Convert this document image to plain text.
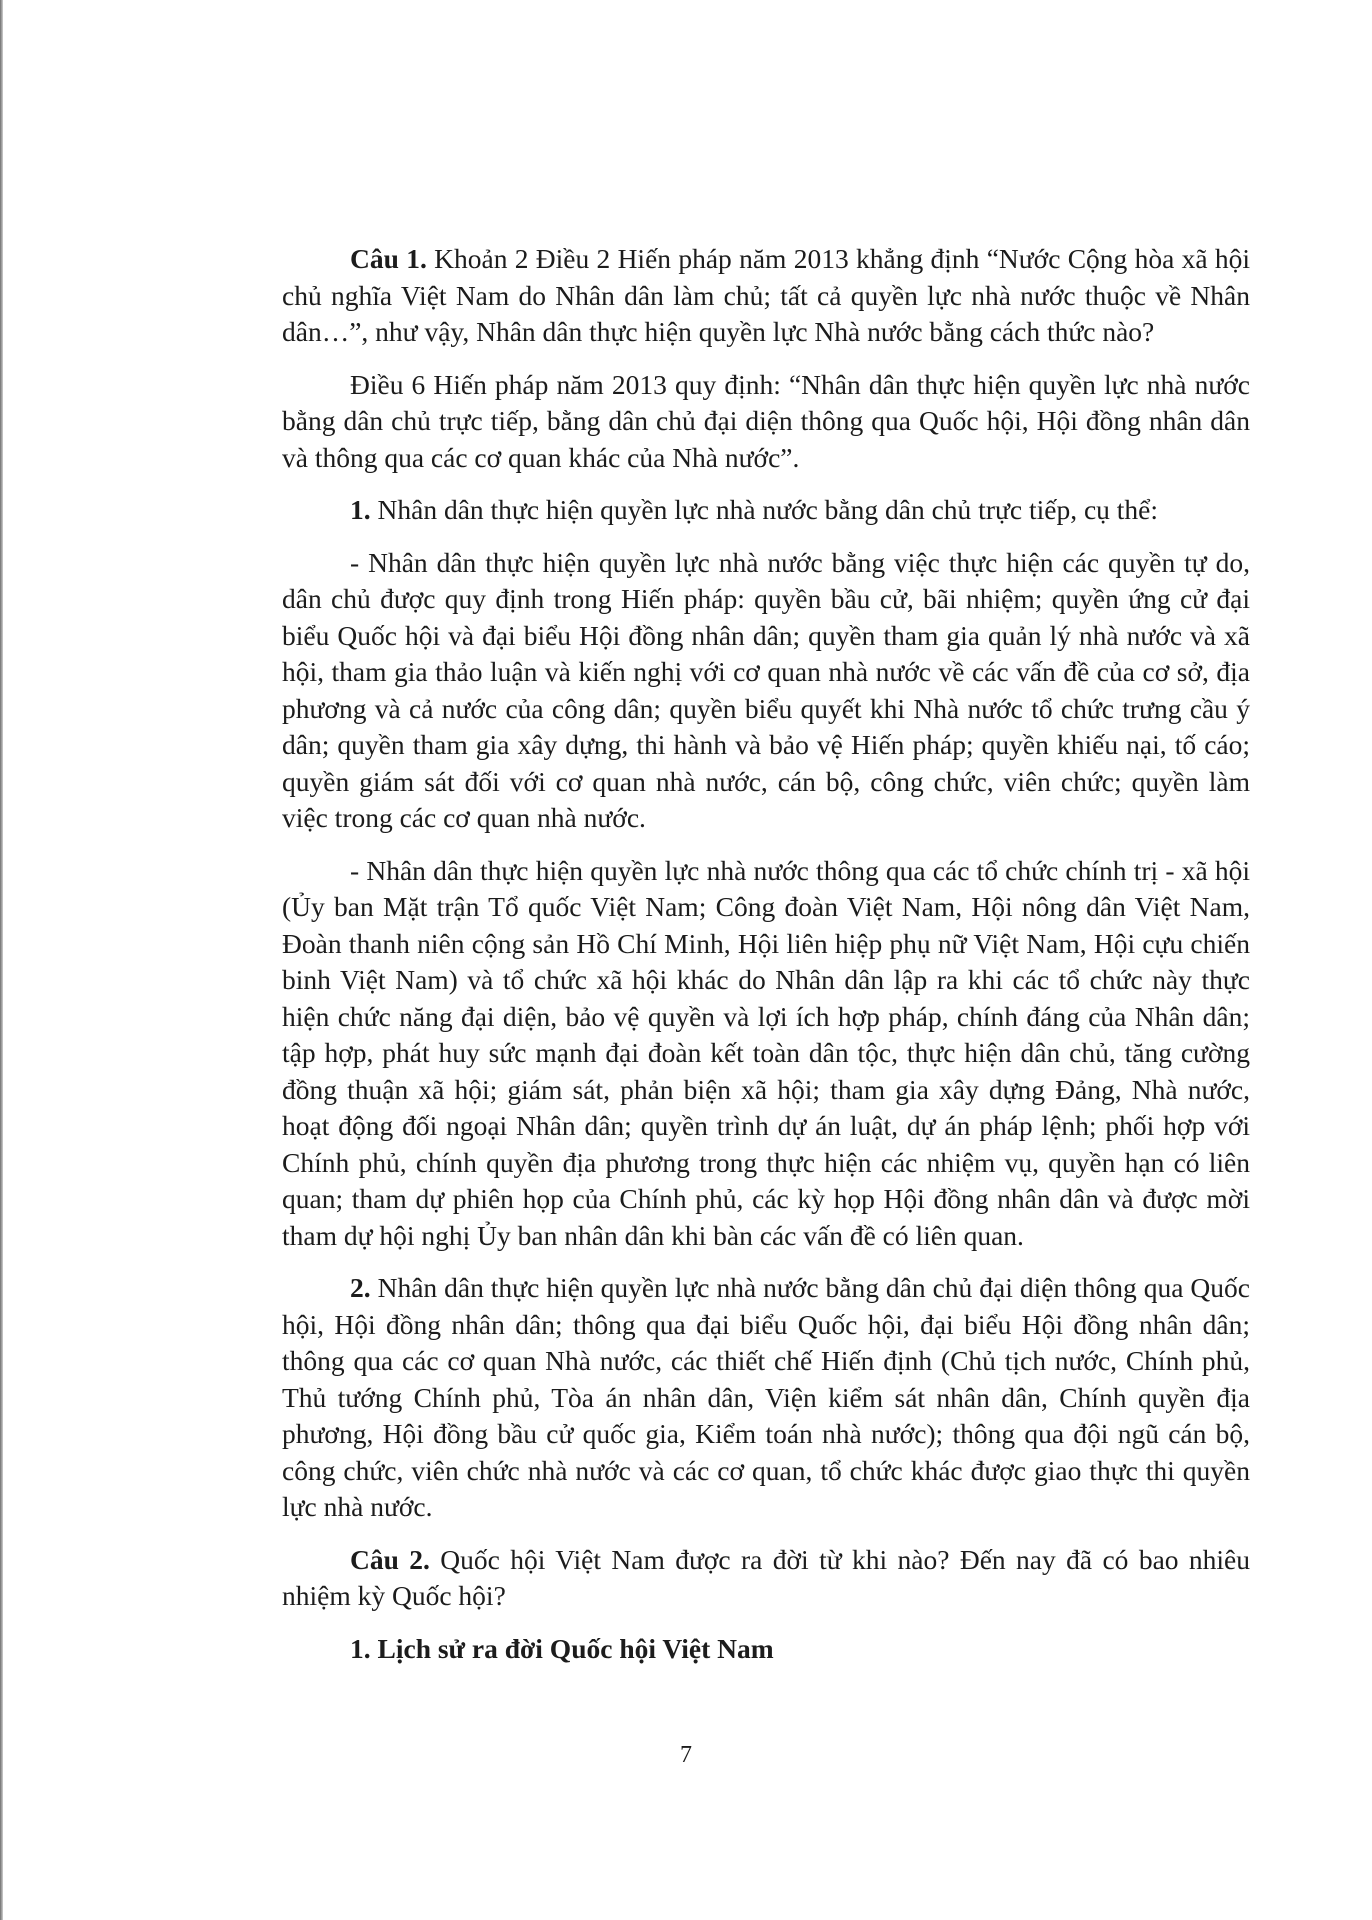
Câu 1. Khoản 2 Điều 2 Hiến pháp năm 2013 khẳng định “Nước Cộng hòa xã hội chủ nghĩa Việt Nam do Nhân dân làm chủ; tất cả quyền lực nhà nước thuộc về Nhân dân…”, như vậy, Nhân dân thực hiện quyền lực Nhà nước bằng cách thức nào?

Điều 6 Hiến pháp năm 2013 quy định: “Nhân dân thực hiện quyền lực nhà nước bằng dân chủ trực tiếp, bằng dân chủ đại diện thông qua Quốc hội, Hội đồng nhân dân và thông qua các cơ quan khác của Nhà nước”.

1. Nhân dân thực hiện quyền lực nhà nước bằng dân chủ trực tiếp, cụ thể:

- Nhân dân thực hiện quyền lực nhà nước bằng việc thực hiện các quyền tự do, dân chủ được quy định trong Hiến pháp: quyền bầu cử, bãi nhiệm; quyền ứng cử đại biểu Quốc hội và đại biểu Hội đồng nhân dân; quyền tham gia quản lý nhà nước và xã hội, tham gia thảo luận và kiến nghị với cơ quan nhà nước về các vấn đề của cơ sở, địa phương và cả nước của công dân; quyền biểu quyết khi Nhà nước tổ chức trưng cầu ý dân; quyền tham gia xây dựng, thi hành và bảo vệ Hiến pháp; quyền khiếu nại, tố cáo; quyền giám sát đối với cơ quan nhà nước, cán bộ, công chức, viên chức; quyền làm việc trong các cơ quan nhà nước.

- Nhân dân thực hiện quyền lực nhà nước thông qua các tổ chức chính trị - xã hội (Ủy ban Mặt trận Tổ quốc Việt Nam; Công đoàn Việt Nam, Hội nông dân Việt Nam, Đoàn thanh niên cộng sản Hồ Chí Minh, Hội liên hiệp phụ nữ Việt Nam, Hội cựu chiến binh Việt Nam) và tổ chức xã hội khác do Nhân dân lập ra khi các tổ chức này thực hiện chức năng đại diện, bảo vệ quyền và lợi ích hợp pháp, chính đáng của Nhân dân; tập hợp, phát huy sức mạnh đại đoàn kết toàn dân tộc, thực hiện dân chủ, tăng cường đồng thuận xã hội; giám sát, phản biện xã hội; tham gia xây dựng Đảng, Nhà nước, hoạt động đối ngoại Nhân dân; quyền trình dự án luật, dự án pháp lệnh; phối hợp với Chính phủ, chính quyền địa phương trong thực hiện các nhiệm vụ, quyền hạn có liên quan; tham dự phiên họp của Chính phủ, các kỳ họp Hội đồng nhân dân và được mời tham dự hội nghị Ủy ban nhân dân khi bàn các vấn đề có liên quan.

2. Nhân dân thực hiện quyền lực nhà nước bằng dân chủ đại diện thông qua Quốc hội, Hội đồng nhân dân; thông qua đại biểu Quốc hội, đại biểu Hội đồng nhân dân; thông qua các cơ quan Nhà nước, các thiết chế Hiến định (Chủ tịch nước, Chính phủ, Thủ tướng Chính phủ, Tòa án nhân dân, Viện kiểm sát nhân dân, Chính quyền địa phương, Hội đồng bầu cử quốc gia, Kiểm toán nhà nước); thông qua đội ngũ cán bộ, công chức, viên chức nhà nước và các cơ quan, tổ chức khác được giao thực thi quyền lực nhà nước.

Câu 2. Quốc hội Việt Nam được ra đời từ khi nào? Đến nay đã có bao nhiêu nhiệm kỳ Quốc hội?

1. Lịch sử ra đời Quốc hội Việt Nam

7
